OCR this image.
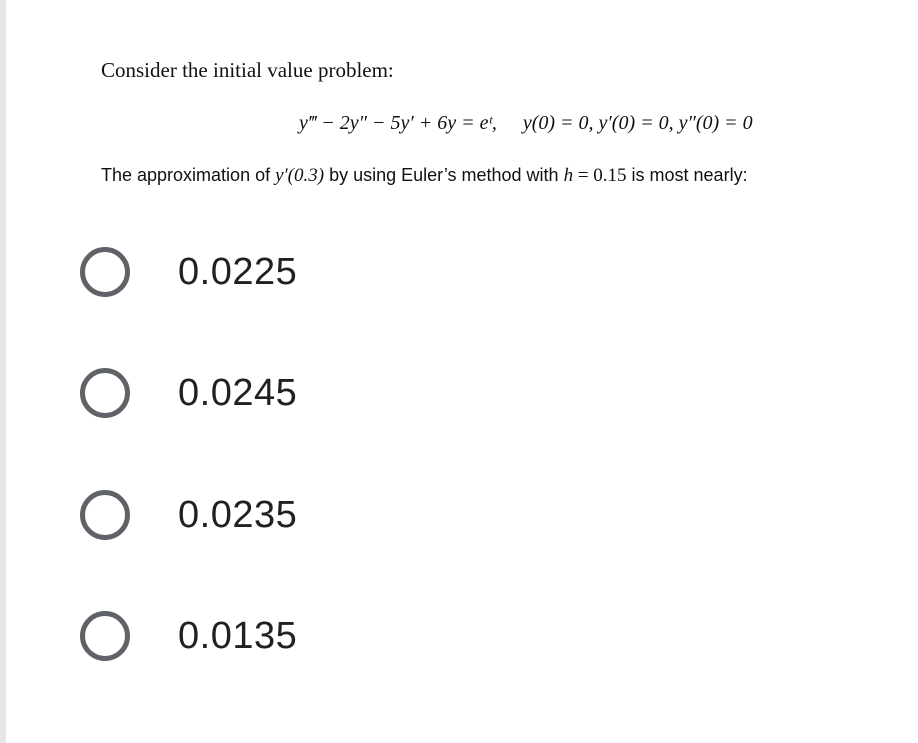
Consider the initial value problem:
y‴ − 2y″ − 5y′ + 6y = eᵗ, y(0) = 0, y′(0) = 0, y″(0) = 0
The approximation of y′(0.3) by using Euler’s method with h = 0.15 is most nearly:
0.0225
0.0245
0.0235
0.0135
